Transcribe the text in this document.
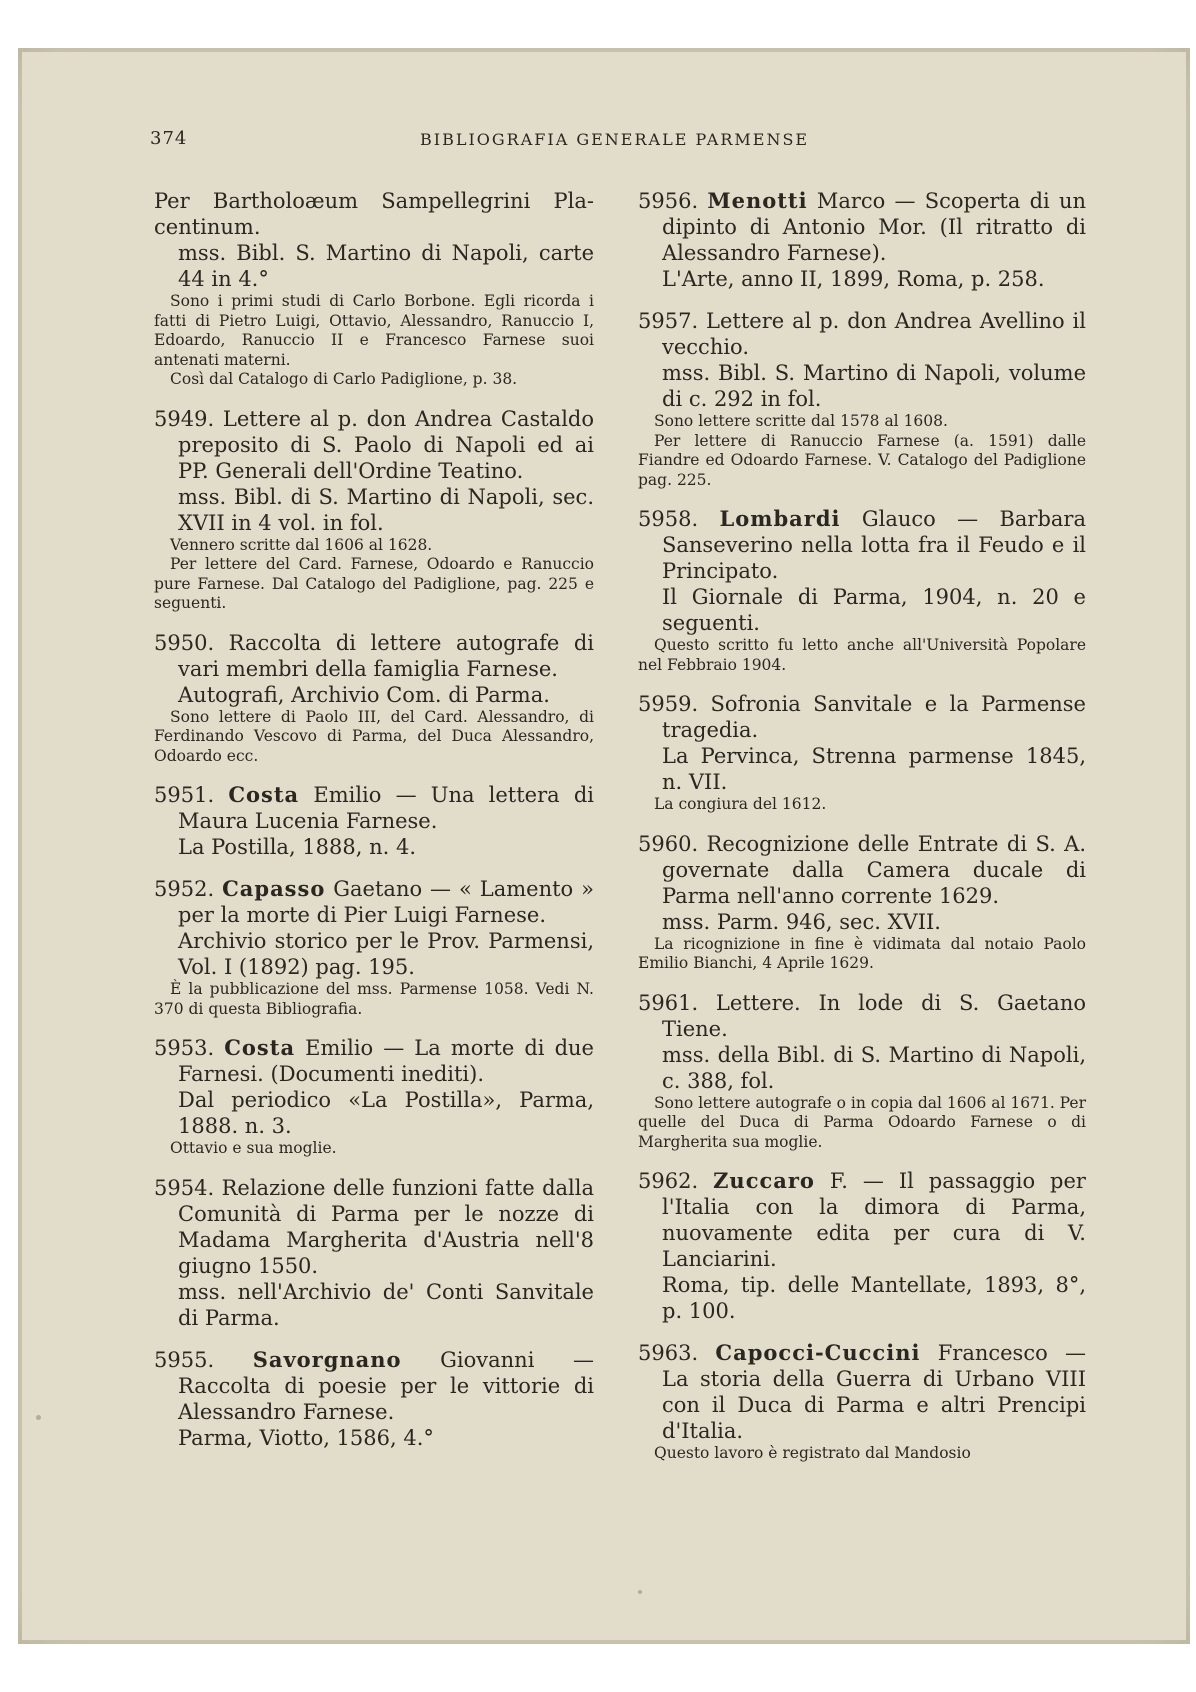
374	BIBLIOGRAFIA GENERALE PARMENSE

Per Bartholoæum Sampellegrini Pla- centinum.

mss. Bibl. S. Martino di Napoli, carte 44 in 4.°

Sono i primi studi di Carlo Borbone. Egli ricorda i fatti di Pietro Luigi, Ottavio, Alessandro, Ranuccio I, Edoardo, Ranuccio II e Francesco Farnese suoi antenati materni.

Così dal Catalogo di Carlo Padiglione, p. 38.

5949. Lettere al p. don Andrea Castaldo preposito di S. Paolo di Napoli ed ai PP. Generali dell'Ordine Teatino.

mss. Bibl. di S. Martino di Napoli, sec. XVII in 4 vol. in fol.

Vennero scritte dal 1606 al 1628.

Per lettere del Card. Farnese, Odoardo e Ranuccio pure Farnese. Dal Catalogo del Padiglione, pag. 225 e seguenti.

5950. Raccolta di lettere autografe di vari membri della famiglia Farnese.

Autografi, Archivio Com. di Parma.

Sono lettere di Paolo III, del Card. Alessandro, di Ferdinando Vescovo di Parma, del Duca Alessandro, Odoardo ecc.

5951. Costa Emilio — Una lettera di Maura Lucenia Farnese.

La Postilla, 1888, n. 4.

5952. Capasso Gaetano — « Lamento » per la morte di Pier Luigi Farnese.

Archivio storico per le Prov. Parmensi, Vol. I (1892) pag. 195.

È la pubblicazione del mss. Parmense 1058. Vedi N. 370 di questa Bibliografia.

5953. Costa Emilio — La morte di due Farnesi. (Documenti inediti).

Dal periodico «La Postilla», Parma, 1888. n. 3.

Ottavio e sua moglie.

5954. Relazione delle funzioni fatte dalla Comunità di Parma per le nozze di Madama Margherita d'Austria nell'8 giugno 1550.

mss. nell'Archivio de' Conti Sanvitale di Parma.

5955. Savorgnano Giovanni — Raccolta di poesie per le vittorie di Alessandro Farnese.

Parma, Viotto, 1586, 4.°

5956. Menotti Marco — Scoperta di un dipinto di Antonio Mor. (Il ritratto di Alessandro Farnese).

L'Arte, anno II, 1899, Roma, p. 258.

5957. Lettere al p. don Andrea Avellino il vecchio.

mss. Bibl. S. Martino di Napoli, volume di c. 292 in fol.

Sono lettere scritte dal 1578 al 1608.

Per lettere di Ranuccio Farnese (a. 1591) dalle Fiandre ed Odoardo Farnese. V. Catalogo del Padiglione pag. 225.

5958. Lombardi Glauco — Barbara Sanseverino nella lotta fra il Feudo e il Principato.

Il Giornale di Parma, 1904, n. 20 e seguenti.

Questo scritto fu letto anche all'Università Popolare nel Febbraio 1904.

5959. Sofronia Sanvitale e la Parmense tragedia.

La Pervinca, Strenna parmense 1845, n. VII.

La congiura del 1612.

5960. Recognizione delle Entrate di S. A. governate dalla Camera ducale di Parma nell'anno corrente 1629.

mss. Parm. 946, sec. XVII.

La ricognizione in fine è vidimata dal notaio Paolo Emilio Bianchi, 4 Aprile 1629.

5961. Lettere. In lode di S. Gaetano Tiene.

mss. della Bibl. di S. Martino di Napoli, c. 388, fol.

Sono lettere autografe o in copia dal 1606 al 1671. Per quelle del Duca di Parma Odoardo Farnese o di Margherita sua moglie.

5962. Zuccaro F. — Il passaggio per l'Italia con la dimora di Parma, nuovamente edita per cura di V. Lanciarini.

Roma, tip. delle Mantellate, 1893, 8°, p. 100.

5963. Capocci-Cuccini Francesco — La storia della Guerra di Urbano VIII con il Duca di Parma e altri Prencipi d'Italia.

Questo lavoro è registrato dal Mandosio
